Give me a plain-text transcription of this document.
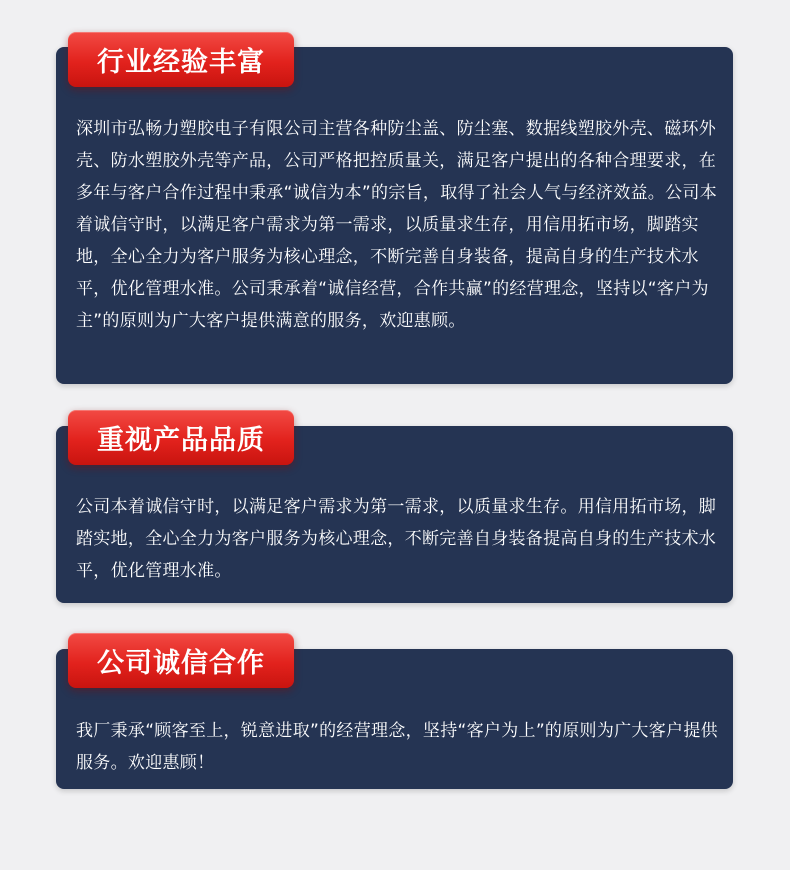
深圳市弘畅力塑胶电子有限公司主营各种防尘盖、防尘塞、数据线塑胶外壳、磁环外壳、防水塑胶外壳等产品，公司严格把控质量关，满足客户提出的各种合理要求，在多年与客户合作过程中秉承“诚信为本”的宗旨，取得了社会人气与经济效益。公司本着诚信守时，以满足客户需求为第一需求，以质量求生存，用信用拓市场，脚踏实地，全心全力为客户服务为核心理念，不断完善自身装备，提高自身的生产技术水平，优化管理水准。公司秉承着“诚信经营，合作共赢”的经营理念，坚持以“客户为主”的原则为广大客户提供满意的服务，欢迎惠顾。

行业经验丰富

公司本着诚信守时，以满足客户需求为第一需求，以质量求生存。用信用拓市场，脚踏实地，全心全力为客户服务为核心理念，不断完善自身装备提高自身的生产技术水平，优化管理水准。

重视产品品质

我厂秉承“顾客至上，锐意进取”的经营理念，坚持“客户为上”的原则为广大客户提供服务。欢迎惠顾！

公司诚信合作
